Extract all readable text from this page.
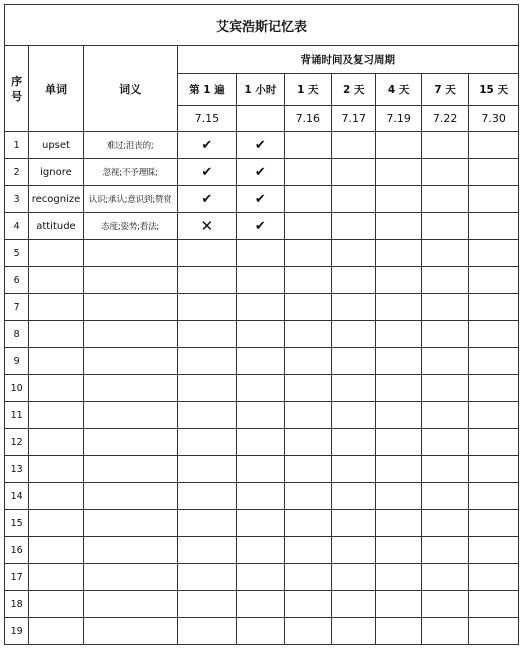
艾宾浩斯记忆表									
序
号	单词	词义	背诵时间及复习周期						
			第 1 遍	1 小时	1 天	2 天	4 天	7 天	15 天
			7.15		7.16	7.17	7.19	7.22	7.30
1	upset	难过;沮丧的;	✔	✔					
2	ignore	忽视;不予理睬;	✔	✔					
3	recognize	认识;承认;意识到;赞赏	✔	✔					
4	attitude	态度;姿势;看法;	✕	✔					
5									
6									
7									
8									
9									
10									
11									
12									
13									
14									
15									
16									
17									
18									
19									
